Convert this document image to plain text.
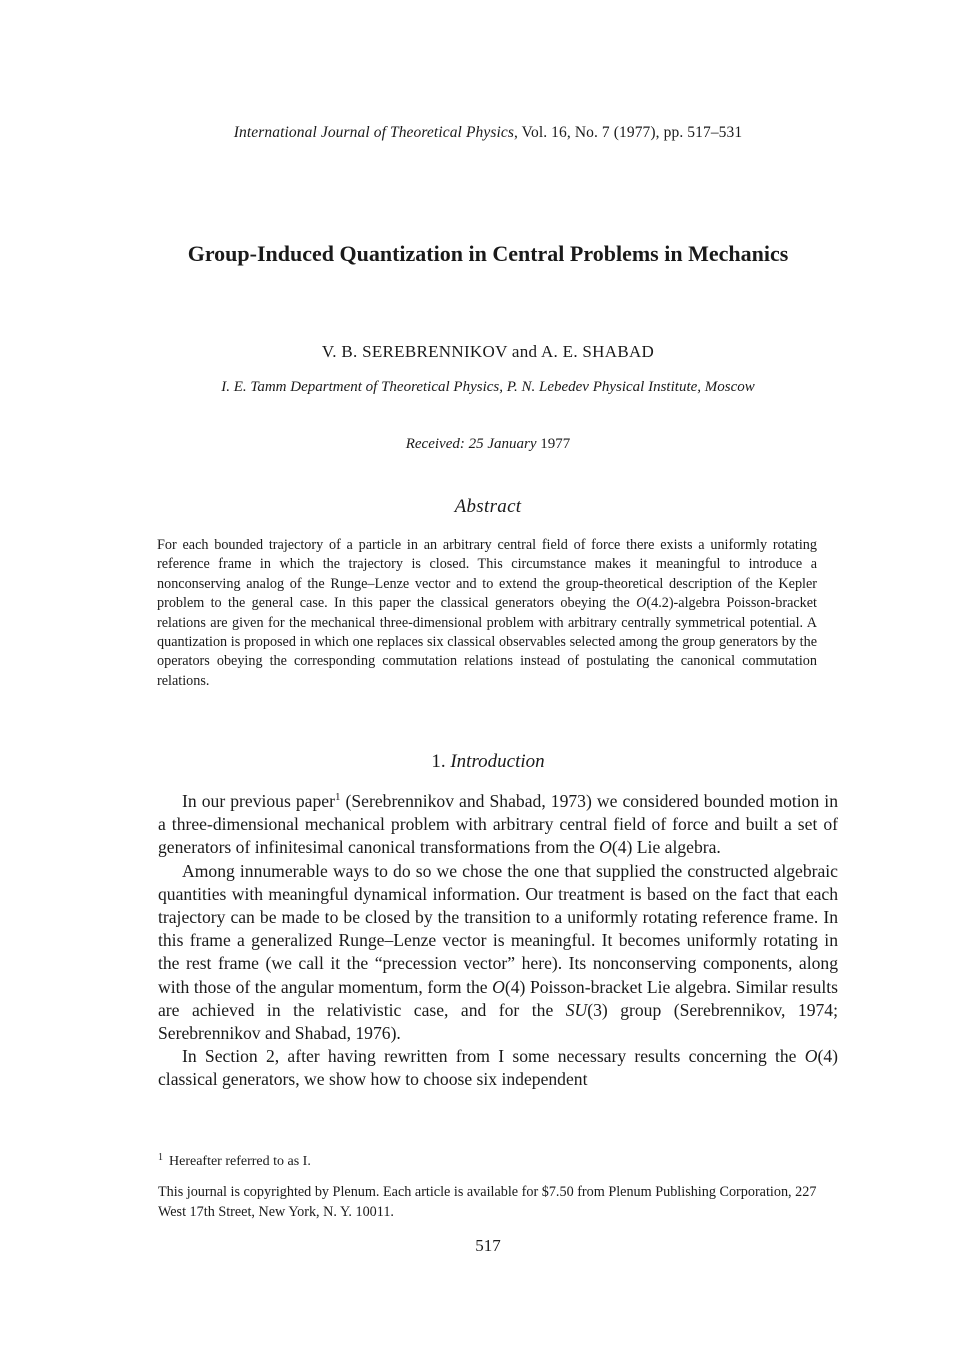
International Journal of Theoretical Physics, Vol. 16, No. 7 (1977), pp. 517–531
Group-Induced Quantization in Central Problems in Mechanics
V. B. SEREBRENNIKOV and A. E. SHABAD
I. E. Tamm Department of Theoretical Physics, P. N. Lebedev Physical Institute, Moscow
Received: 25 January 1977
Abstract
For each bounded trajectory of a particle in an arbitrary central field of force there exists a uniformly rotating reference frame in which the trajectory is closed. This circumstance makes it meaningful to introduce a nonconserving analog of the Runge–Lenze vector and to extend the group-theoretical description of the Kepler problem to the general case. In this paper the classical generators obeying the O(4.2)-algebra Poisson-bracket relations are given for the mechanical three-dimensional problem with arbitrary centrally symmetrical potential. A quantization is proposed in which one replaces six classical observables selected among the group generators by the operators obeying the corresponding commutation relations instead of postulating the canonical commutation relations.
1. Introduction

In our previous paper$^1$ (Serebrennikov and Shabad, 1973) we considered bounded motion in a three-dimensional mechanical problem with arbitrary central field of force and built a set of generators of infinitesimal canonical transformations from the O(4) Lie algebra.

Among innumerable ways to do so we chose the one that supplied the constructed algebraic quantities with meaningful dynamical information. Our treatment is based on the fact that each trajectory can be made to be closed by the transition to a uniformly rotating reference frame. In this frame a generalized Runge–Lenze vector is meaningful. It becomes uniformly rotating in the rest frame (we call it the “precession vector” here). Its nonconserving components, along with those of the angular momentum, form the O(4) Poisson-bracket Lie algebra. Similar results are achieved in the relativistic case, and for the SU(3) group (Serebrennikov, 1974; Serebrennikov and Shabad, 1976).

In Section 2, after having rewritten from I some necessary results concerning the O(4) classical generators, we show how to choose six independent

$^1$ Hereafter referred to as I.
This journal is copyrighted by Plenum. Each article is available for $7.50 from Plenum Publishing Corporation, 227 West 17th Street, New York, N. Y. 10011.
517
